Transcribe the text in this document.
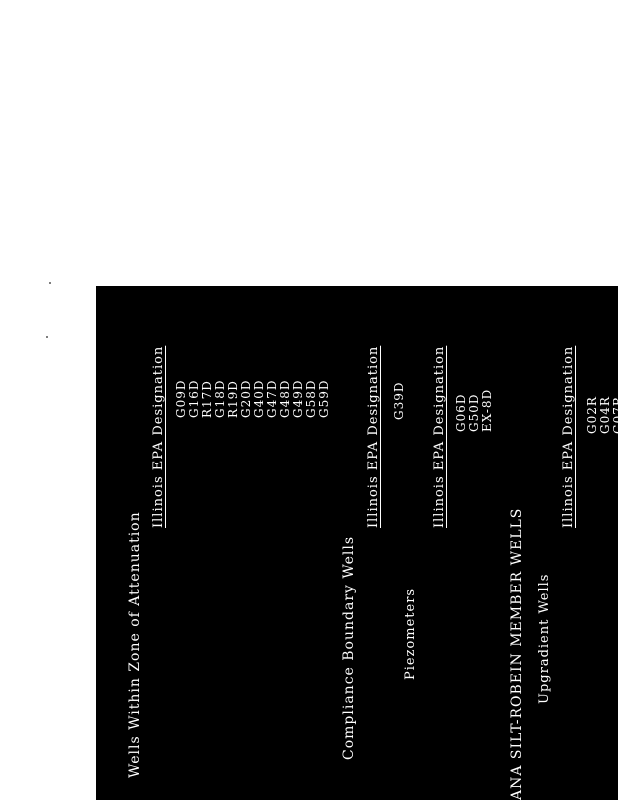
Wells Within Zone of Attenuation
Illinois EPA Designation G09D G16D R17D G18D R19D G20D G40D G47D G48D G49D G58D G59D
Compliance Boundary Wells
Illinois EPA Designation G39D
Piezometers
Illinois EPA Designation G06D G50D EX-8D
ANA SILT-ROBEIN MEMBER WELLS Upgradient Wells
Illinois EPA Designation G02R G04R G07R
